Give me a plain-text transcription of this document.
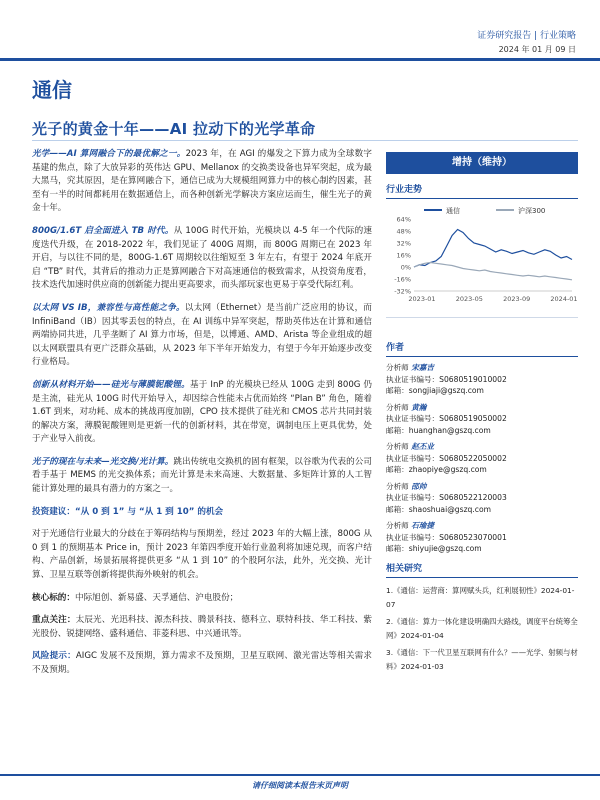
证券研究报告 | 行业策略
2024 年 01 月 09 日
通信
光子的黄金十年——AI 拉动下的光学革命

光学——AI 算网融合下的最优解之一。2023 年，在 AGI 的爆发之下算力成为全球数字基建的焦点，除了大放异彩的英伟达 GPU、Mellanox 的交换类设备也异军突起，成为最大黑马，究其原因，是在算网融合下，通信已成为大规模组网算力中的核心制约因素，甚至有一半的时间都耗用在数据通信上，而各种创新光学解决方案应运而生，催生光子的黄金十年。

800G/1.6T 启全面进入 TB 时代。从 100G 时代开始，光模块以 4-5 年一个代际的速度迭代升级，在 2018-2022 年，我们见证了 400G 周期，而 800G 周期已在 2023 年开启，与以往不同的是，800G-1.6T 周期较以往缩短至 3 年左右，有望于 2024 年底开启 “TB” 时代，其背后的推动力正是算网融合下对高速通信的极致需求，从投资角度看，技术迭代加速时供应商的创新能力提出更高要求，而头部玩家也更易于享受代际红利。

以太网 VS IB，兼容性与高性能之争。以太网（Ethernet）是当前广泛应用的协议，而 InfiniBand（IB）因其零丢包的特点，在 AI 训练中异军突起，帮助英伟达在计算和通信两端协同共进，几乎垄断了 AI 算力市场，但是，以博通、AMD、Arista 等企业组成的超以太网联盟具有更广泛群众基础，从 2023 年下半年开始发力，有望于今年开始逐步改变行业格局。

创新从材料开始——硅光与薄膜铌酸锂。基于 InP 的光模块已经从 100G 走到 800G 仍是主流，硅光从 100G 时代开始导入，却因综合性能未占优而始终 “Plan B” 角色，随着 1.6T 到来，对功耗、成本的挑战再度加剧，CPO 技术提供了硅光和 CMOS 芯片共同封装的解决方案，薄膜铌酸锂则是更新一代的创新材料，其在带宽，调制电压上更具优势，处于产业导入前夜。

光子的现在与未来—光交换/光计算。跳出传统电交换机的固有框架，以谷歌为代表的公司看手基于 MEMS 的光交换体系；而光计算是未来高速、大数据量、多矩阵计算的人工智能计算处理的最具有潜力的方案之一。

投资建议：“从 0 到 1” 与 “从 1 到 10” 的机会

对于光通信行业最大的分歧在于筹码结构与预期差，经过 2023 年的大幅上涨，800G 从 0 到 1 的预期基本 Price in，预计 2023 年第四季度开始行业盈利将加速兑现，而客户结构、产品创新，场景拓展将提供更多 “从 1 到 10” 的个股阿尔法，此外，光交换、光计算、卫星互联等创新将提供海外映射的机会。

核心标的：中际旭创、新易盛、天孚通信、沪电股份；

重点关注：太辰光、光迅科技、源杰科技、腾景科技、德科立、联特科技、华工科技、紫光股份、锐捷网络、盛科通信、菲菱科思、中兴通讯等。

风险提示：AIGC 发展不及预期，算力需求不及预期，卫星互联网、激光雷达等相关需求不及预期。

增持（维持）
行业走势
通信	沪深300
64%
48%
32%
16%
0%
-16%
-32%
2023-01	2023-05	2023-09	2024-01
作者
分析师 宋嘉吉
执业证书编号：S0680519010002
邮箱：songjiaji@gszq.com
分析师 黄瀚
执业证书编号：S0680519050002
邮箱：huanghan@gszq.com
分析师 赵丕业
执业证书编号：S0680522050002
邮箱：zhaopiye@gszq.com
分析师 邵帅
执业证书编号：S0680522120003
邮箱：shaoshuai@gszq.com
分析师 石瑜捷
执业证书编号：S0680523070001
邮箱：shiyujie@gszq.com
相关研究
1.《通信：运营商：算网赋头兵，红利展韧性》2024-01-07
2.《通信：算力一体化建设明确四大路线，调度平台统筹全网》2024-01-04
3.《通信：下一代卫星互联网有什么？——光学、射频与材料》2024-01-03
请仔细阅读本报告末页声明
